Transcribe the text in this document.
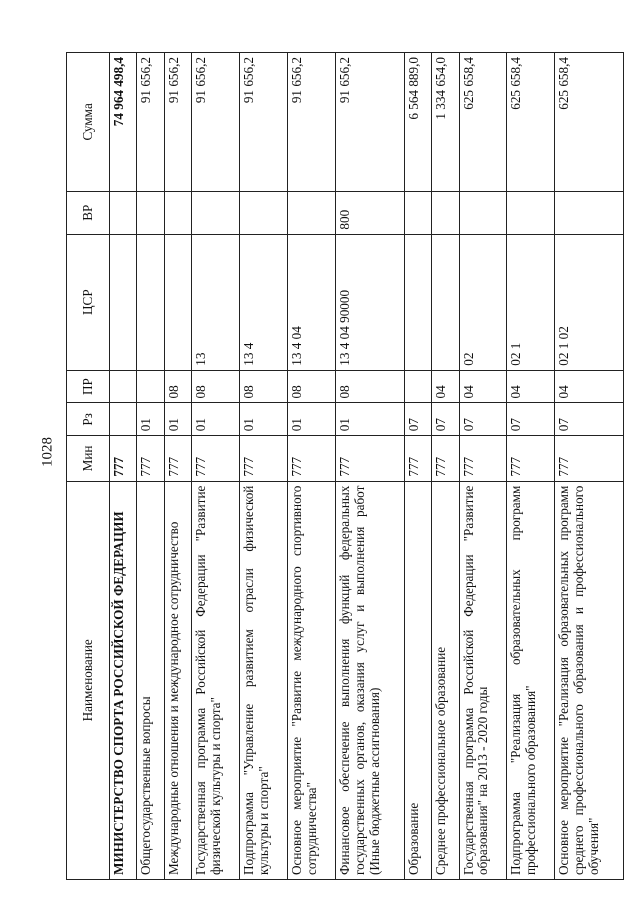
1028
Наименование	Мин	Рз	ПР	ЦСР	ВР	Сумма
МИНИСТЕРСТВО СПОРТА РОССИЙСКОЙ ФЕДЕРАЦИИ	777					74 964 498,4
Общегосударственные вопросы	777	01				91 656,2
Международные отношения и международное сотрудничество	777	01	08			91 656,2
Государственная программа Российской Федерации "Развитие физической культуры и спорта"	777	01	08	13		91 656,2
Подпрограмма "Управление развитием отрасли физической культуры и спорта"	777	01	08	13 4		91 656,2
Основное мероприятие "Развитие международного спортивного сотрудничества"	777	01	08	13 4 04		91 656,2
Финансовое обеспечение выполнения функций федеральных государственных органов, оказания услуг и выполнения работ (Иные бюджетные ассигнования)	777	01	08	13 4 04 90000	800	91 656,2
Образование	777	07				6 564 889,0
Среднее профессиональное образование	777	07	04			1 334 654,0
Государственная программа Российской Федерации "Развитие образования" на 2013 - 2020 годы	777	07	04	02		625 658,4
Подпрограмма "Реализация образовательных программ профессионального образования"	777	07	04	02 1		625 658,4
Основное мероприятие "Реализация образовательных программ среднего профессионального образования и профессионального обучения"	777	07	04	02 1 02		625 658,4
